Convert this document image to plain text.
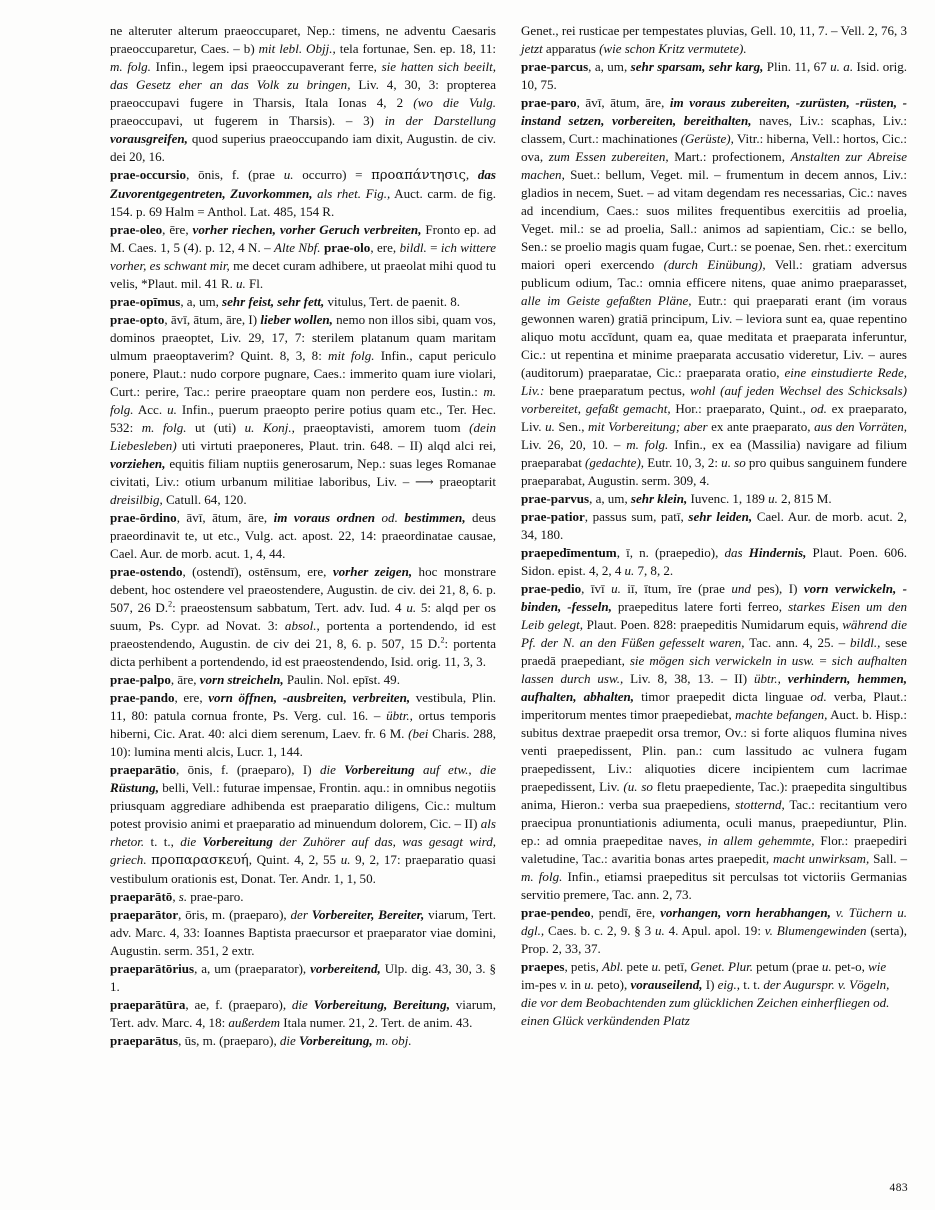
ne alteruter alterum praeoccuparet, Nep.: timens, ne adventu Caesaris praeoccuparetur, Caes. – b) mit lebl. Objj., tela fortunae, Sen. ep. 18, 11: m. folg. Infin., legem ipsi praeoccupaverant ferre, sie hatten sich beeilt, das Gesetz eher an das Volk zu bringen, Liv. 4, 30, 3: propterea praeoccupavi fugere in Tharsis, Itala Ionas 4, 2 (wo die Vulg. praeoccupavi, ut fugerem in Tharsis). – 3) in der Darstellung vorausgreifen, quod superius praeoccupando iam dixit, Augustin. de civ. dei 20, 16.

prae-occursio, ōnis, f. (prae u. occurro) = προαπάντησις, das Zuvorentgegentreten, Zuvorkommen, als rhet. Fig., Auct. carm. de fig. 154. p. 69 Halm = Anthol. Lat. 485, 154 R.

prae-oleo, ēre, vorher riechen, vorher Geruch verbreiten, Fronto ep. ad M. Caes. 1, 5 (4). p. 12, 4 N. – Alte Nbf. prae-olo, ere, bildl. = ich wittere vorher, es schwant mir, me decet curam adhibere, ut praeolat mihi quod tu velis, *Plaut. mil. 41 R. u. Fl.

prae-opīmus, a, um, sehr feist, sehr fett, vitulus, Tert. de paenit. 8.

prae-opto, āvī, ātum, āre, I) lieber wollen, nemo non illos sibi, quam vos, dominos praeoptet, Liv. 29, 17, 7: sterilem platanum quam maritam ulmum praeoptaverim? Quint. 8, 3, 8: mit folg. Infin., caput periculo ponere, Plaut.: nudo corpore pugnare, Caes.: immerito quam iure violari, Curt.: perire, Tac.: perire praeoptare quam non perdere eos, Iustin.: m. folg. Acc. u. Infin., puerum praeopto perire potius quam etc., Ter. Hec. 532: m. folg. ut (uti) u. Konj., praeoptavisti, amorem tuom (dein Liebesleben) uti virtuti praeponeres, Plaut. trin. 648. – II) alqd alci rei, vorziehen, equitis filiam nuptiis generosarum, Nep.: suas leges Romanae civitati, Liv.: otium urbanum militiae laboribus, Liv. – ⟶ praeoptarit dreisilbig, Catull. 64, 120.

prae-ōrdino, āvī, ātum, āre, im voraus ordnen od. bestimmen, deus praeordinavit te, ut etc., Vulg. act. apost. 22, 14: praeordinatae causae, Cael. Aur. de morb. acut. 1, 4, 44.

prae-ostendo, (ostendī), ostēnsum, ere, vorher zeigen, hoc monstrare debent, hoc ostendere vel praeostendere, Augustin. de civ. dei 21, 8, 6. p. 507, 26 D.$^2$: praeostensum sabbatum, Tert. adv. Iud. 4 u. 5: alqd per os suum, Ps. Cypr. ad Novat. 3: absol., portenta a portendendo, id est praeostendendo, Augustin. de civ dei 21, 8, 6. p. 507, 15 D.$^2$: portenta dicta perhibent a portendendo, id est praeostendendo, Isid. orig. 11, 3, 3.

prae-palpo, āre, vorn streicheln, Paulin. Nol. epīst. 49.

prae-pando, ere, vorn öffnen, -ausbreiten, verbreiten, vestibula, Plin. 11, 80: patula cornua fronte, Ps. Verg. cul. 16. – übtr., ortus temporis hiberni, Cic. Arat. 40: alci diem serenum, Laev. fr. 6 M. (bei Charis. 288, 10): lumina menti alcis, Lucr. 1, 144.

praeparātio, ōnis, f. (praeparo), I) die Vorbereitung auf etw., die Rüstung, belli, Vell.: futurae impensae, Frontin. aqu.: in omnibus negotiis priusquam aggrediare adhibenda est praeparatio diligens, Cic.: multum potest provisio animi et praeparatio ad minuendum dolorem, Cic. – II) als rhetor. t. t., die Vorbereitung der Zuhörer auf das, was gesagt wird, griech. προπαρασκευή, Quint. 4, 2, 55 u. 9, 2, 17: praeparatio quasi vestibulum orationis est, Donat. Ter. Andr. 1, 1, 50.

praeparātō, s. prae-paro.

praeparātor, ōris, m. (praeparo), der Vorbereiter, Bereiter, viarum, Tert. adv. Marc. 4, 33: Ioannes Baptista praecursor et praeparator viae domini, Augustin. serm. 351, 2 extr.

praeparātōrius, a, um (praeparator), vorbereitend, Ulp. dig. 43, 30, 3. § 1.

praeparātūra, ae, f. (praeparo), die Vorbereitung, Bereitung, viarum, Tert. adv. Marc. 4, 18: außerdem Itala numer. 21, 2. Tert. de anim. 43.

praeparātus, ūs, m. (praeparo), die Vorbereitung, m. obj.

Genet., rei rusticae per tempestates pluvias, Gell. 10, 11, 7. – Vell. 2, 76, 3 jetzt apparatus (wie schon Kritz vermutete).

prae-parcus, a, um, sehr sparsam, sehr karg, Plin. 11, 67 u. a. Isid. orig. 10, 75.

prae-paro, āvī, ātum, āre, im voraus zubereiten, -zurüsten, -rüsten, -instand setzen, vorbereiten, bereithalten, naves, Liv.: scaphas, Liv.: classem, Curt.: machinationes (Gerüste), Vitr.: hiberna, Vell.: hortos, Cic.: ova, zum Essen zubereiten, Mart.: profectionem, Anstalten zur Abreise machen, Suet.: bellum, Veget. mil. – frumentum in decem annos, Liv.: gladios in necem, Suet. – ad vitam degendam res necessarias, Cic.: naves ad incendium, Caes.: suos milites frequentibus exercitiis ad proelia, Veget. mil.: se ad proelia, Sall.: animos ad sapientiam, Cic.: se bello, Sen.: se proelio magis quam fugae, Curt.: se poenae, Sen. rhet.: exercitum maiori operi exercendo (durch Einübung), Vell.: gratiam adversus publicum odium, Tac.: omnia efficere nitens, quae animo praeparasset, alle im Geiste gefaßten Pläne, Eutr.: qui praeparati erant (im voraus gewonnen waren) gratiā principum, Liv. – leviora sunt ea, quae repentino aliquo motu accīdunt, quam ea, quae meditata et praeparata inferuntur, Cic.: ut repentina et minime praeparata accusatio videretur, Liv. – aures (auditorum) praeparatae, Cic.: praeparata oratio, eine einstudierte Rede, Liv.: bene praeparatum pectus, wohl (auf jeden Wechsel des Schicksals) vorbereitet, gefaßt gemacht, Hor.: praeparato, Quint., od. ex praeparato, Liv. u. Sen., mit Vorbereitung; aber ex ante praeparato, aus den Vorräten, Liv. 26, 20, 10. – m. folg. Infin., ex ea (Massilia) navigare ad filium praeparabat (gedachte), Eutr. 10, 3, 2: u. so pro quibus sanguinem fundere praeparabat, Augustin. serm. 309, 4.

prae-parvus, a, um, sehr klein, Iuvenc. 1, 189 u. 2, 815 M.

prae-patior, passus sum, patī, sehr leiden, Cael. Aur. de morb. acut. 2, 34, 180.

praepedīmentum, ī, n. (praepedio), das Hindernis, Plaut. Poen. 606. Sidon. epist. 4, 2, 4 u. 7, 8, 2.

prae-pedio, īvī u. iī, ītum, īre (prae und pes), I) vorn verwickeln, -binden, -fesseln, praepeditus latere forti ferreo, starkes Eisen um den Leib gelegt, Plaut. Poen. 828: praepeditis Numidarum equis, während die Pf. der N. an den Füßen gefesselt waren, Tac. ann. 4, 25. – bildl., sese praedā praepediant, sie mögen sich verwickeln in usw. = sich aufhalten lassen durch usw., Liv. 8, 38, 13. – II) übtr., verhindern, hemmen, aufhalten, abhalten, timor praepedit dicta linguae od. verba, Plaut.: imperitorum mentes timor praepediebat, machte befangen, Auct. b. Hisp.: subitus dextrae praepedit orsa tremor, Ov.: si forte aliquos flumina nives venti praepedissent, Plin. pan.: cum lassitudo ac vulnera fugam praepedissent, Liv.: aliquoties dicere incipientem cum lacrimae praepedissent, Liv. (u. so fletu praepediente, Tac.): praepedita singultibus anima, Hieron.: verba sua praepediens, stotternd, Tac.: recitantium vero praecipua pronuntiationis adiumenta, oculi manus, praepediuntur, Plin. ep.: ad omnia praepeditae naves, in allem gehemmte, Flor.: praepediri valetudine, Tac.: avaritia bonas artes praepedit, macht unwirksam, Sall. – m. folg. Infin., etiamsi praepeditus sit perculsas tot victoriis Germanias servitio premere, Tac. ann. 2, 73.

prae-pendeo, pendī, ēre, vorhangen, vorn herabhangen, v. Tüchern u. dgl., Caes. b. c. 2, 9. § 3 u. 4. Apul. apol. 19: v. Blumengewinden (serta), Prop. 2, 33, 37.

praepes, petis, Abl. pete u. petī, Genet. Plur. petum (prae u. pet-o, wie im-pes v. in u. peto), vorauseilend, I) eig., t. t. der Augurspr. v. Vögeln, die vor dem Beobachtenden zum glücklichen Zeichen einherfliegen od. einen Glück verkündenden Platz

483
